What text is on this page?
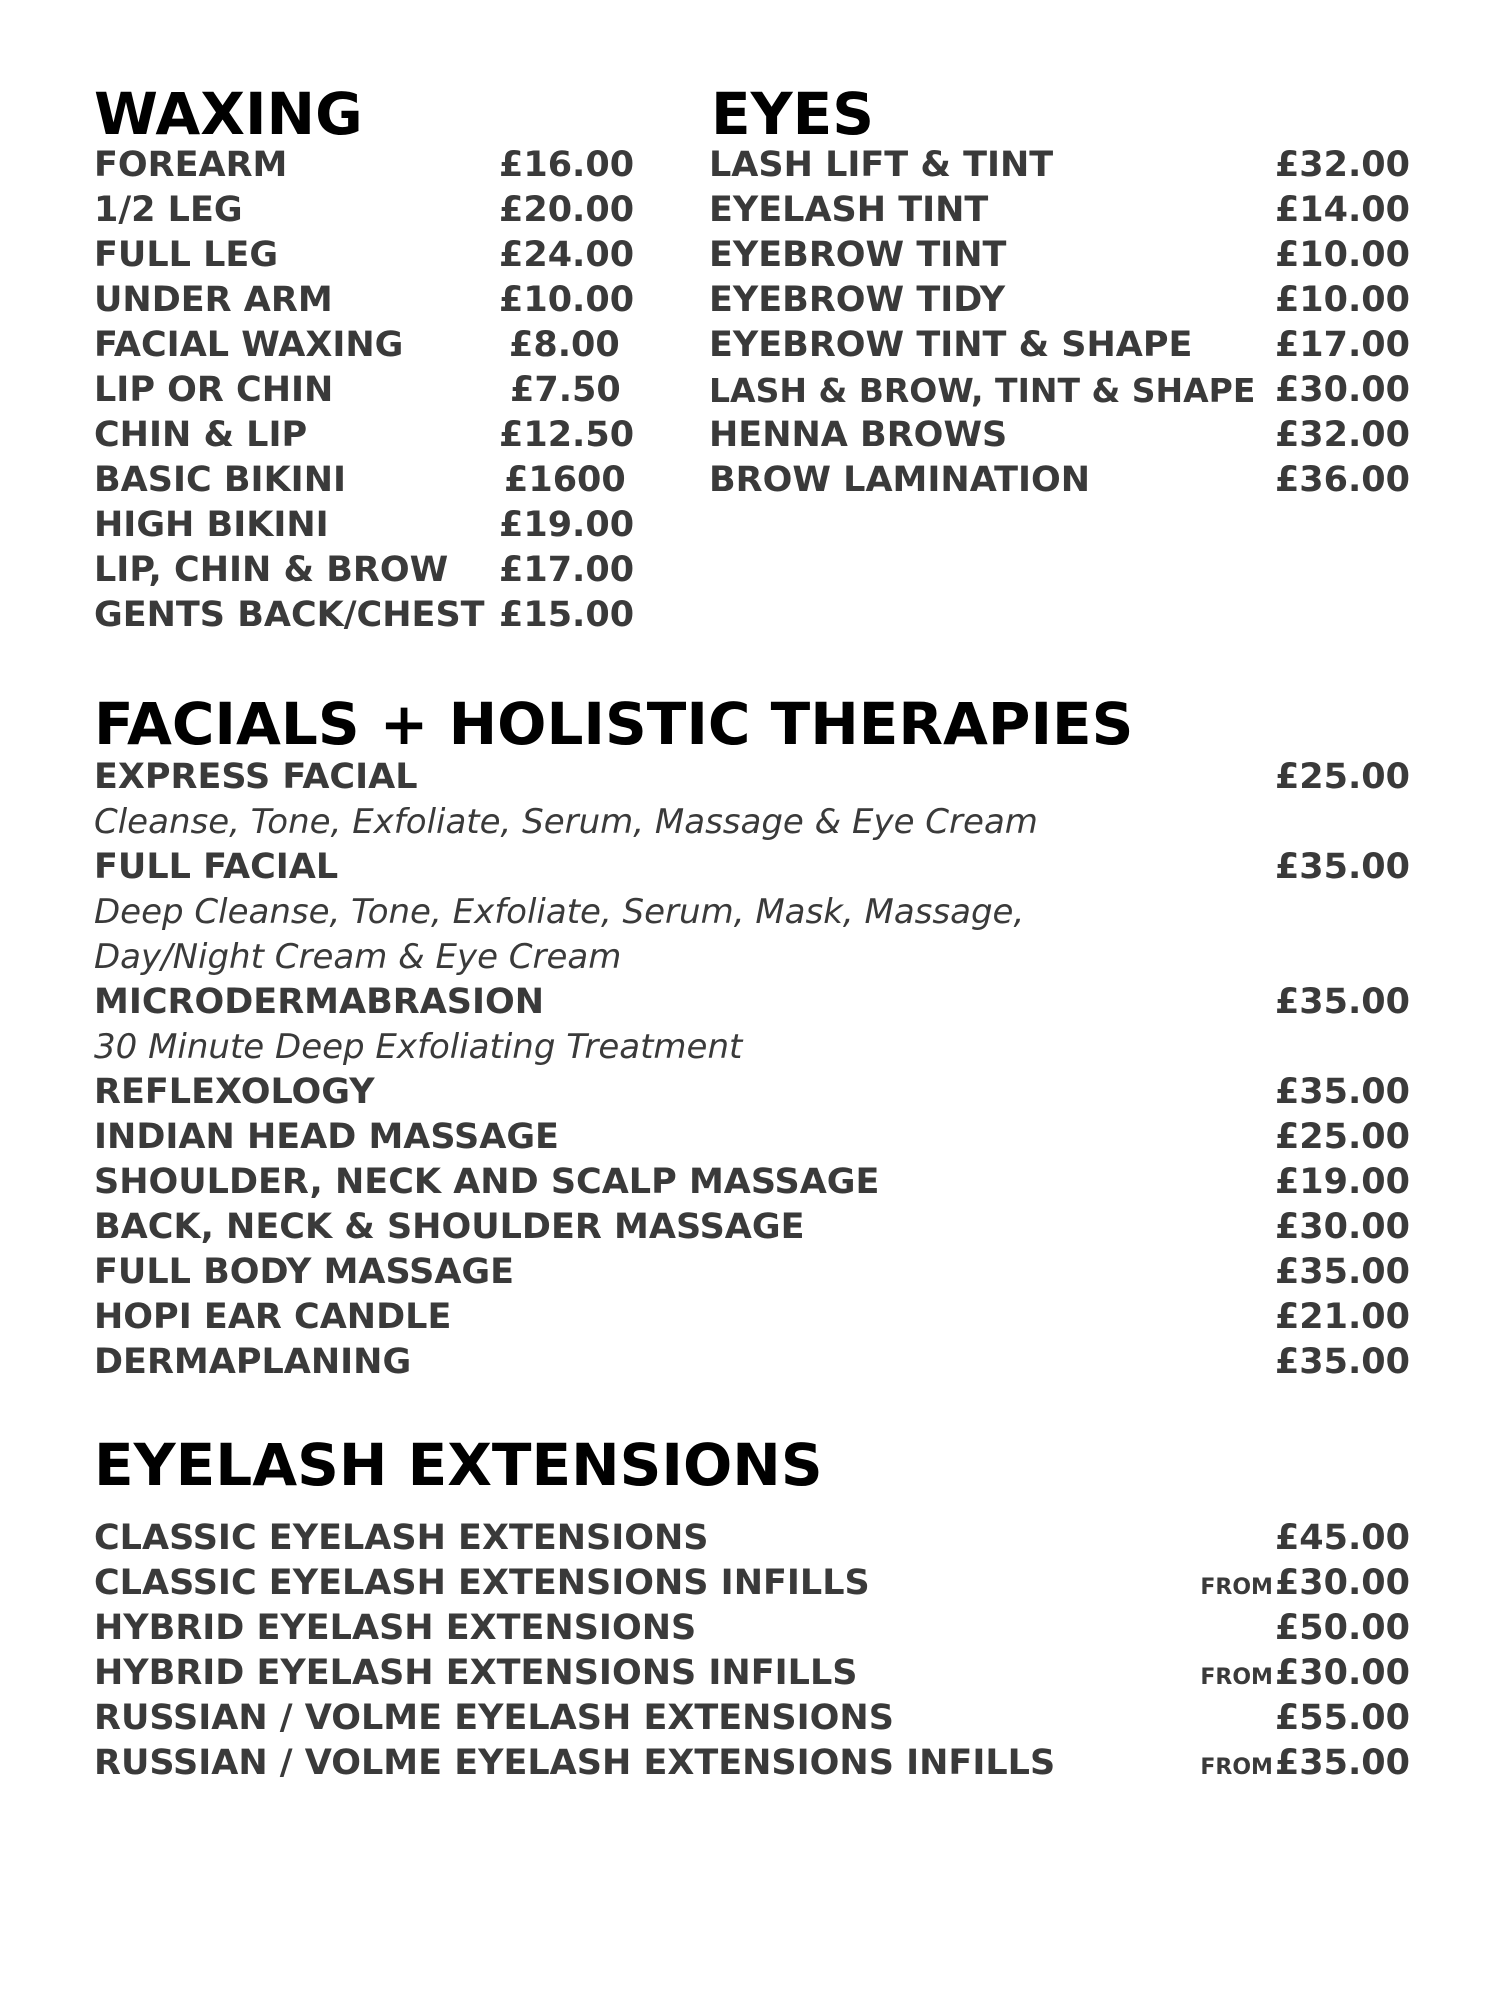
WAXING
FOREARM	£16.00
1/2 LEG	£20.00
FULL LEG	£24.00
UNDER ARM	£10.00
FACIAL WAXING	£8.00
LIP OR CHIN	£7.50
CHIN & LIP	£12.50
BASIC BIKINI	£1600
HIGH BIKINI	£19.00
LIP, CHIN & BROW £17.00
GENTS BACK/CHEST £15.00
EYES
LASH LIFT & TINT	£32.00
EYELASH TINT	£14.00
EYEBROW TINT	£10.00
EYEBROW TIDY	£10.00
EYEBROW TINT & SHAPE £17.00
LASH & BROW, TINT & SHAPE £30.00
HENNA BROWS	£32.00
BROW LAMINATION	£36.00
FACIALS + HOLISTIC THERAPIES
EXPRESS FACIAL	£25.00
Cleanse, Tone, Exfoliate, Serum, Massage & Eye Cream
FULL FACIAL	£35.00
Deep Cleanse, Tone, Exfoliate, Serum, Mask, Massage,
Day/Night Cream & Eye Cream
MICRODERMABRASION	£35.00
30 Minute Deep Exfoliating Treatment
REFLEXOLOGY	£35.00
INDIAN HEAD MASSAGE	£25.00
SHOULDER, NECK AND SCALP MASSAGE	£19.00
BACK, NECK & SHOULDER MASSAGE	£30.00
FULL BODY MASSAGE	£35.00
HOPI EAR CANDLE	£21.00
DERMAPLANING	£35.00
EYELASH EXTENSIONS
CLASSIC EYELASH EXTENSIONS	£45.00
CLASSIC EYELASH EXTENSIONS INFILLS	FROM£30.00
HYBRID EYELASH EXTENSIONS	£50.00
HYBRID EYELASH EXTENSIONS INFILLS	FROM£30.00
RUSSIAN / VOLME EYELASH EXTENSIONS	£55.00
RUSSIAN / VOLME EYELASH EXTENSIONS INFILLS	FROM£35.00
